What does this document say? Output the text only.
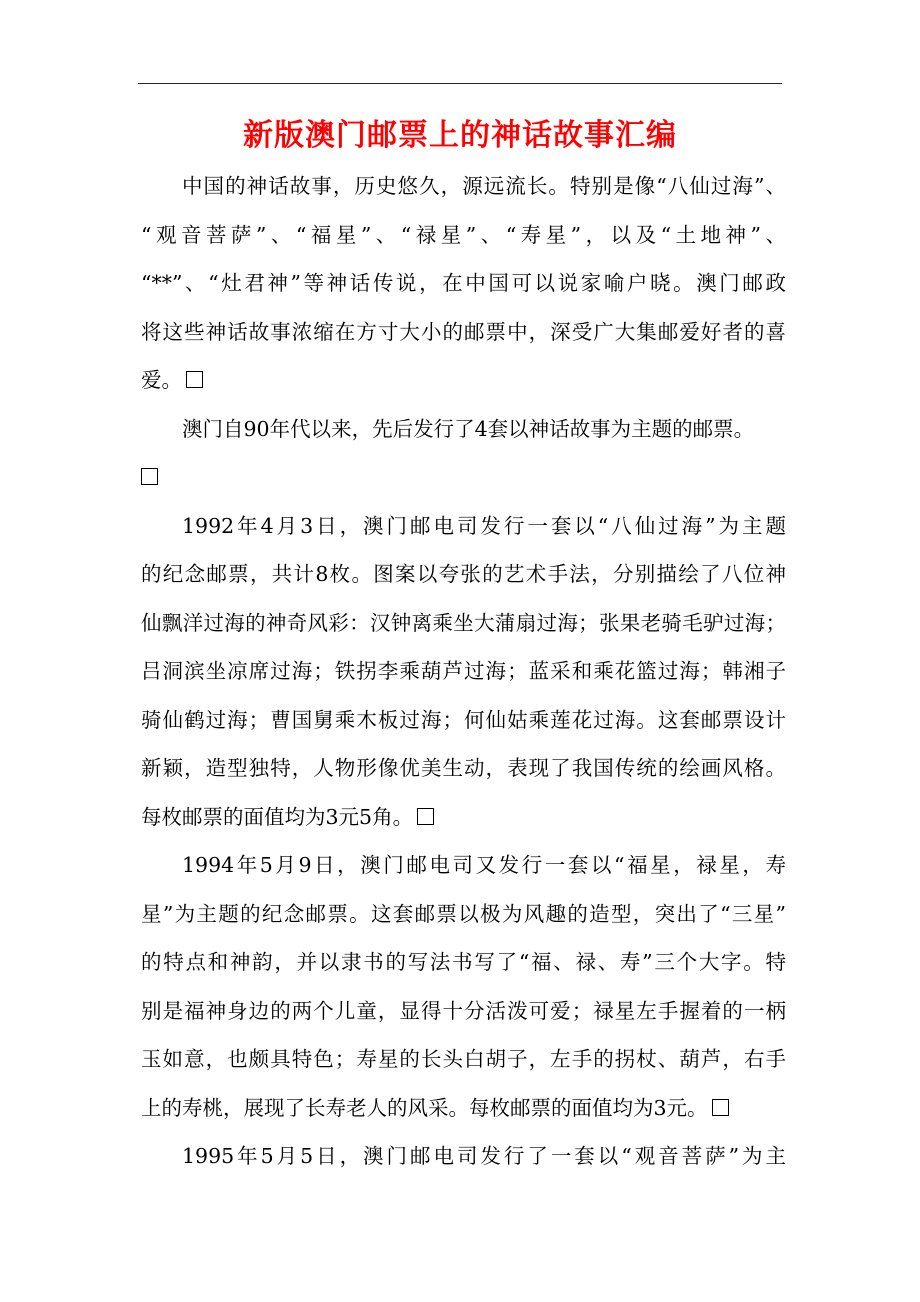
新版澳门邮票上的神话故事汇编
中国的神话故事，历史悠久，源远流长。特别是像“八仙过海”、
“观音菩萨”、“福星”、“禄星”、“寿星”，以及“土地神”、
“**”、“灶君神”等神话传说，在中国可以说家喻户晓。澳门邮政
将这些神话故事浓缩在方寸大小的邮票中，深受广大集邮爱好者的喜
爱。
澳门自90年代以来，先后发行了4套以神话故事为主题的邮票。
1992年4月3日，澳门邮电司发行一套以“八仙过海”为主题
的纪念邮票，共计8枚。图案以夸张的艺术手法，分别描绘了八位神
仙飘洋过海的神奇风彩：汉钟离乘坐大蒲扇过海；张果老骑毛驴过海；
吕洞滨坐凉席过海；铁拐李乘葫芦过海；蓝采和乘花篮过海；韩湘子
骑仙鹤过海；曹国舅乘木板过海；何仙姑乘莲花过海。这套邮票设计
新颖，造型独特，人物形像优美生动，表现了我国传统的绘画风格。
每枚邮票的面值均为3元5角。
1994年5月9日，澳门邮电司又发行一套以“福星，禄星，寿
星”为主题的纪念邮票。这套邮票以极为风趣的造型，突出了“三星”
的特点和神韵，并以隶书的写法书写了“福、禄、寿”三个大字。特
别是福神身边的两个儿童，显得十分活泼可爱；禄星左手握着的一柄
玉如意，也颇具特色；寿星的长头白胡子，左手的拐杖、葫芦，右手
上的寿桃，展现了长寿老人的风采。每枚邮票的面值均为3元。
1995年5月5日，澳门邮电司发行了一套以“观音菩萨”为主
